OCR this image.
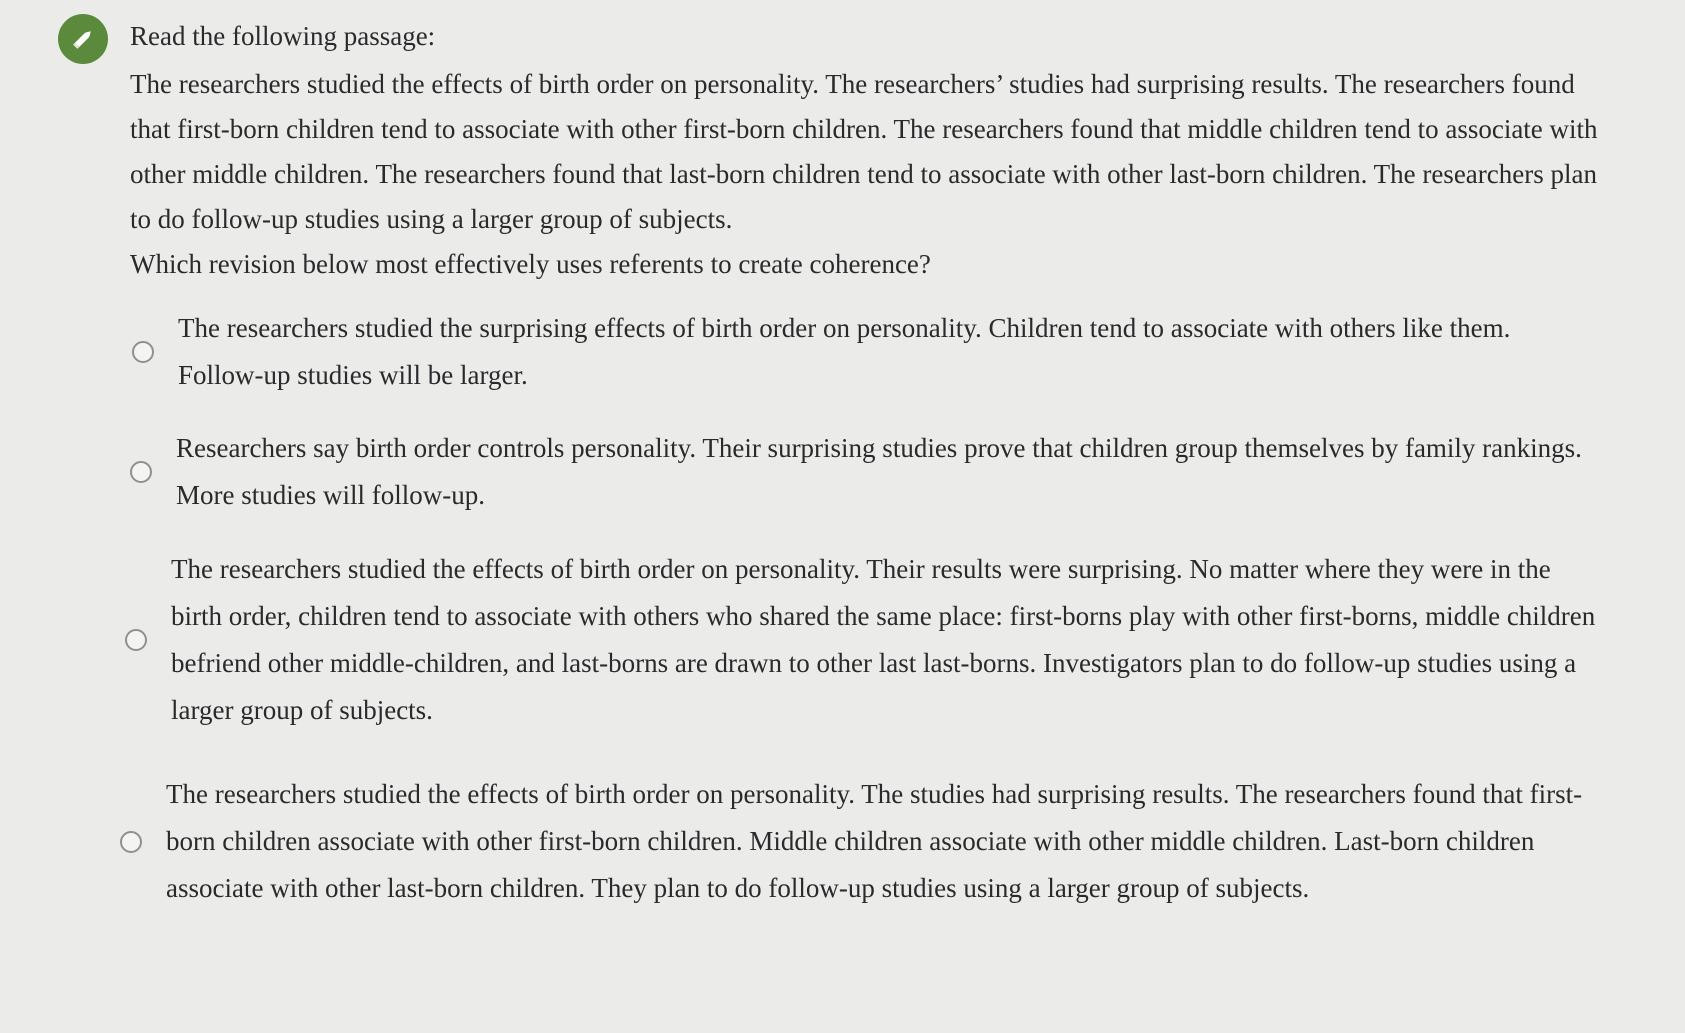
Read the following passage:

The researchers studied the effects of birth order on personality. The researchers’ studies had surprising results. The researchers found that first-born children tend to associate with other first-born children. The researchers found that middle children tend to associate with other middle children. The researchers found that last-born children tend to associate with other last-born children. The researchers plan to do follow-up studies using a larger group of subjects.

Which revision below most effectively uses referents to create coherence?

The researchers studied the surprising effects of birth order on personality. Children tend to associate with others like them. Follow-up studies will be larger.
Researchers say birth order controls personality. Their surprising studies prove that children group themselves by family rankings. More studies will follow-up.
The researchers studied the effects of birth order on personality. Their results were surprising. No matter where they were in the birth order, children tend to associate with others who shared the same place: first-borns play with other first-borns, middle children befriend other middle-children, and last-borns are drawn to other last last-borns. Investigators plan to do follow-up studies using a larger group of subjects.
The researchers studied the effects of birth order on personality. The studies had surprising results. The researchers found that first-born children associate with other first-born children. Middle children associate with other middle children. Last-born children associate with other last-born children. They plan to do follow-up studies using a larger group of subjects.
